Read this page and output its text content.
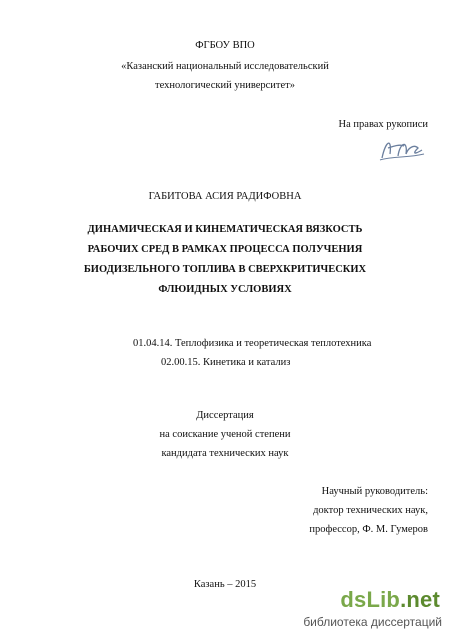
ФГБОУ ВПО
«Казанский национальный исследовательский
технологический университет»
На правах рукописи
ГАБИТОВА АСИЯ РАДИФОВНА
ДИНАМИЧЕСКАЯ И КИНЕМАТИЧЕСКАЯ ВЯЗКОСТЬ
РАБОЧИХ СРЕД В РАМКАХ ПРОЦЕССА ПОЛУЧЕНИЯ
БИОДИЗЕЛЬНОГО ТОПЛИВА В СВЕРХКРИТИЧЕСКИХ
ФЛЮИДНЫХ УСЛОВИЯХ
01.04.14. Теплофизика и теоретическая теплотехника
02.00.15. Кинетика и катализ
Диссертация
на соискание ученой степени
кандидата технических наук
Научный руководитель:
доктор технических наук,
профессор, Ф. М. Гумеров
Казань – 2015
dsLib.net
библиотека диссертаций
